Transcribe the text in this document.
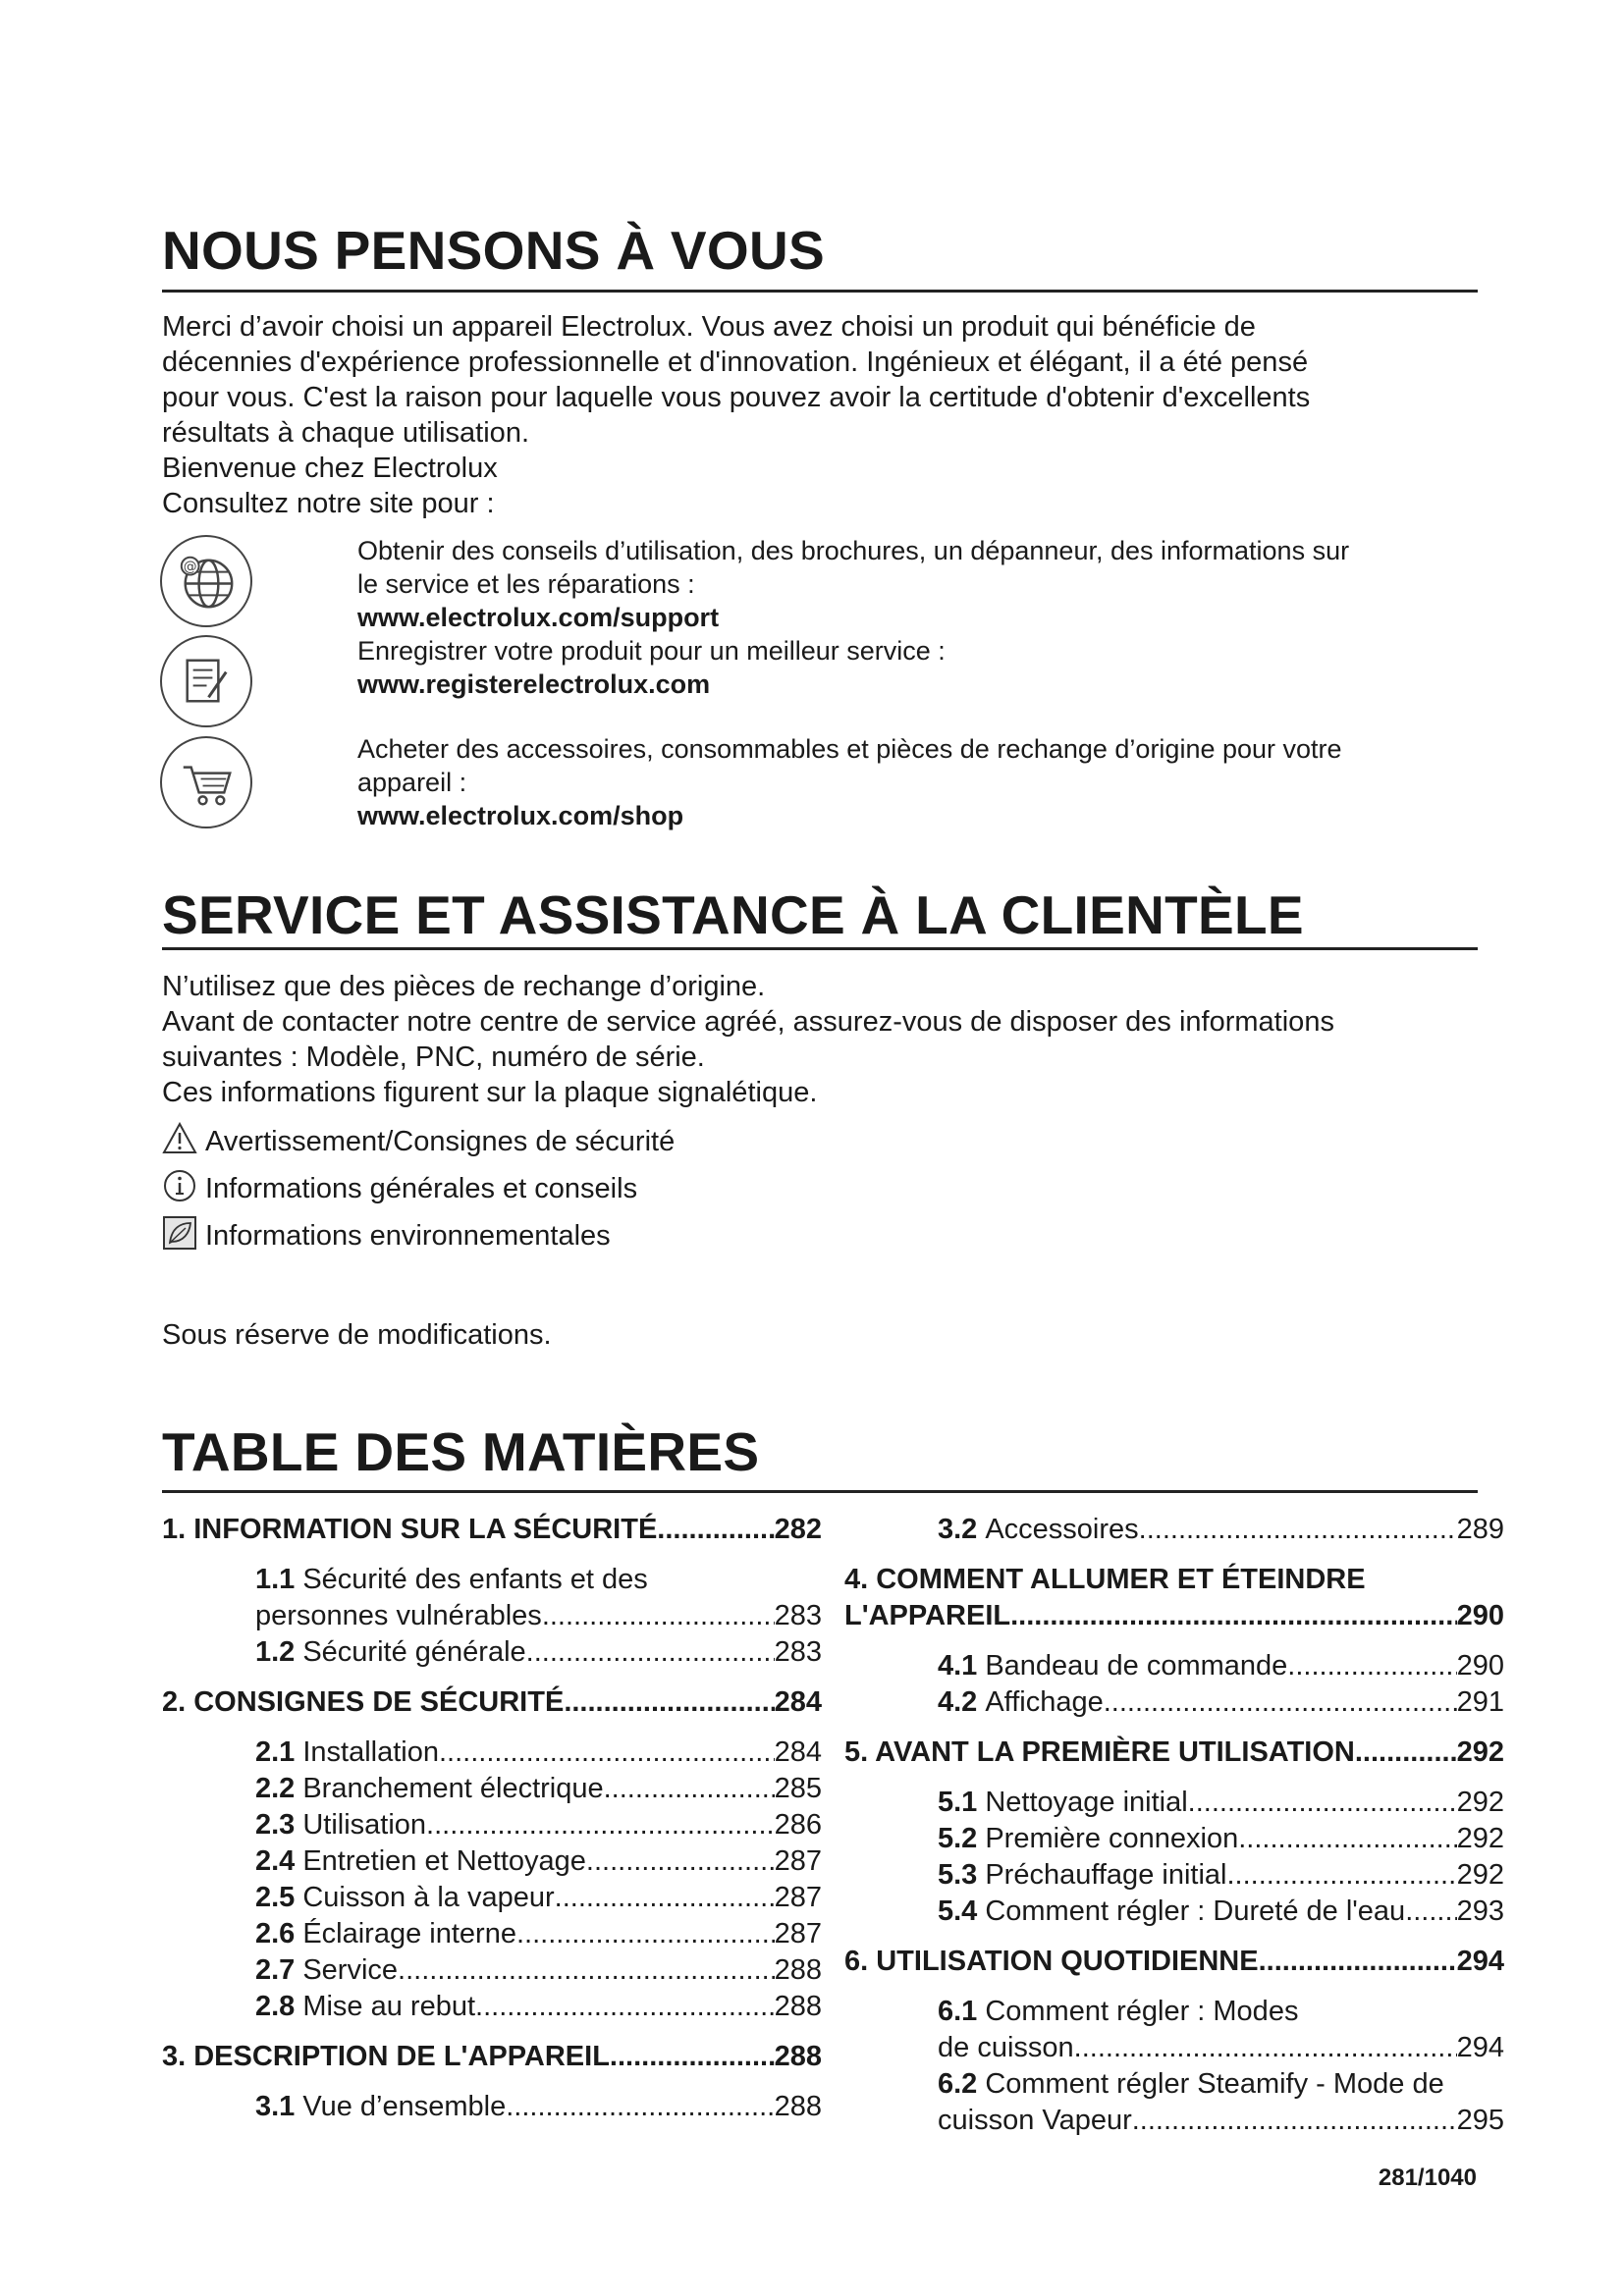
NOUS PENSONS À VOUS
Merci d’avoir choisi un appareil Electrolux. Vous avez choisi un produit qui bénéficie de
décennies d'expérience professionnelle et d'innovation. Ingénieux et élégant, il a été pensé
pour vous. C'est la raison pour laquelle vous pouvez avoir la certitude d'obtenir d'excellents
résultats à chaque utilisation.
Bienvenue chez Electrolux
Consultez notre site pour :
@
Obtenir des conseils d’utilisation, des brochures, un dépanneur, des informations sur
le service et les réparations :
www.electrolux.com/support
Enregistrer votre produit pour un meilleur service :
www.registerelectrolux.com
Acheter des accessoires, consommables et pièces de rechange d’origine pour votre
appareil :
www.electrolux.com/shop
SERVICE ET ASSISTANCE À LA CLIENTÈLE
N’utilisez que des pièces de rechange d’origine.
Avant de contacter notre centre de service agréé, assurez-vous de disposer des informations
suivantes : Modèle, PNC, numéro de série.
Ces informations figurent sur la plaque signalétique.
Avertissement/Consignes de sécurité
Informations générales et conseils
Informations environnementales
Sous réserve de modifications.
TABLE DES MATIÈRES
1. INFORMATION SUR LA SÉCURITÉ .....	282
1.1 Sécurité des enfants et des
personnes vulnérables .....	283
1.2 Sécurité générale .....	283
2. CONSIGNES DE SÉCURITÉ .....	284
2.1 Installation .....	284
2.2 Branchement électrique .....	285
2.3 Utilisation .....	286
2.4 Entretien et Nettoyage .....	287
2.5 Cuisson à la vapeur .....	287
2.6 Éclairage interne .....	287
2.7 Service .....	288
2.8 Mise au rebut .....	288
3. DESCRIPTION DE L'APPAREIL .....	288
3.1 Vue d’ensemble .....	288
3.2 Accessoires .....	289
4. COMMENT ALLUMER ET ÉTEINDRE
L'APPAREIL .....	290
4.1 Bandeau de commande .....	290
4.2 Affichage .....	291
5. AVANT LA PREMIÈRE UTILISATION .....	292
5.1 Nettoyage initial .....	292
5.2 Première connexion .....	292
5.3 Préchauffage initial .....	292
5.4 Comment régler : Dureté de l'eau ..... 293
6. UTILISATION QUOTIDIENNE .....	294
6.1 Comment régler : Modes
de cuisson .....	294
6.2 Comment régler Steamify - Mode de
cuisson Vapeur .....	295
281/1040
